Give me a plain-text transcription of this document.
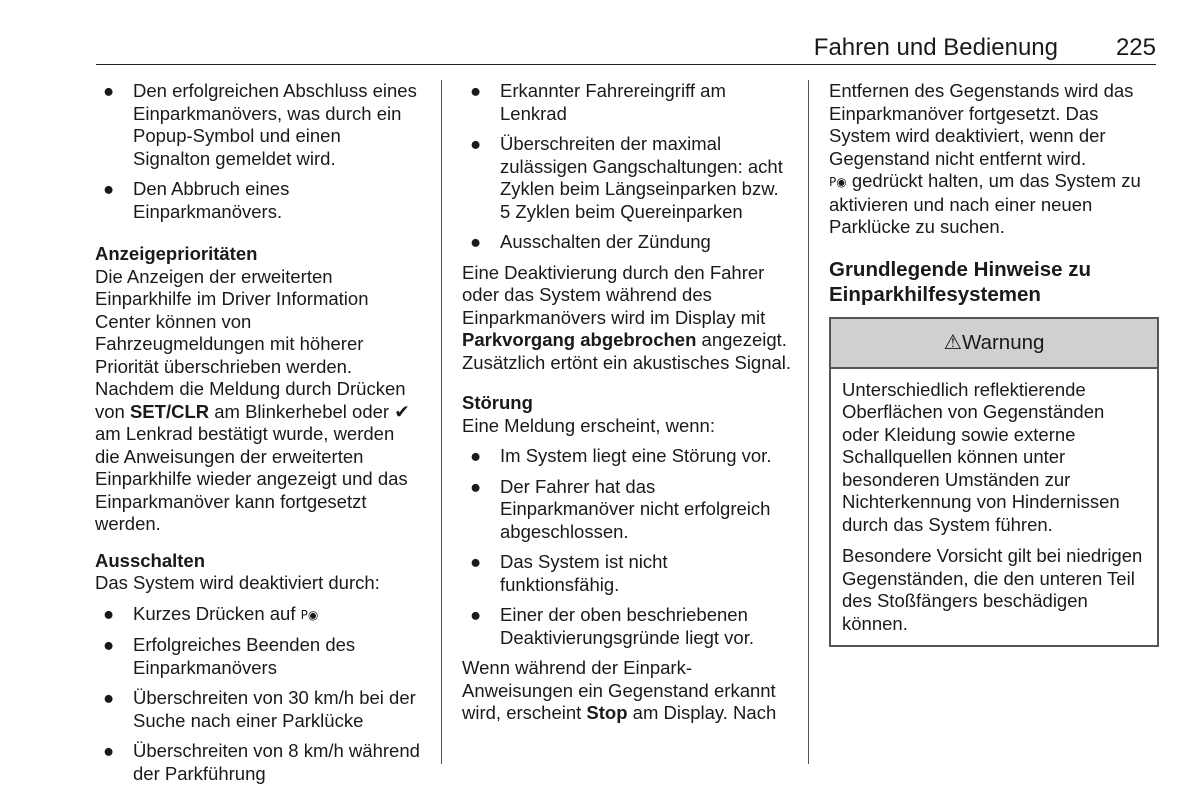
Fahren und Bedienung 225
● Den erfolgreichen Abschluss eines Einparkmanövers, was durch ein Popup-Symbol und einen Signalton gemeldet wird.
● Den Abbruch eines Einparkmanövers.

Anzeigeprioritäten

Die Anzeigen der erweiterten Einparkhilfe im Driver Information Center können von Fahrzeugmeldungen mit höherer Priorität überschrieben werden. Nachdem die Meldung durch Drücken von SET/CLR am Blinkerhebel oder ✔ am Lenkrad bestätigt wurde, werden die Anweisungen der erweiterten Einparkhilfe wieder angezeigt und das Einparkmanöver kann fortgesetzt werden.

Ausschalten

Das System wird deaktiviert durch:

● Kurzes Drücken auf P◉
● Erfolgreiches Beenden des Einparkmanövers
● Überschreiten von 30 km/h bei der Suche nach einer Parklücke
● Überschreiten von 8 km/h während der Parkführung
● Erkannter Fahrereingriff am Lenkrad
● Überschreiten der maximal zulässigen Gangschaltungen: acht Zyklen beim Längseinparken bzw. 5 Zyklen beim Quereinparken
● Ausschalten der Zündung

Eine Deaktivierung durch den Fahrer oder das System während des Einparkmanövers wird im Display mit Parkvorgang abgebrochen angezeigt. Zusätzlich ertönt ein akustisches Signal.

Störung

Eine Meldung erscheint, wenn:

● Im System liegt eine Störung vor.
● Der Fahrer hat das Einparkmanöver nicht erfolgreich abgeschlossen.
● Das System ist nicht funktionsfähig.
● Einer der oben beschriebenen Deaktivierungsgründe liegt vor.

Wenn während der Einpark-Anweisungen ein Gegenstand erkannt wird, erscheint Stop am Display. Nach

Entfernen des Gegenstands wird das Einparkmanöver fortgesetzt. Das System wird deaktiviert, wenn der Gegenstand nicht entfernt wird.

P◉ gedrückt halten, um das System zu aktivieren und nach einer neuen Parklücke zu suchen.

Grundlegende Hinweise zu Einparkhilfesystemen

⚠Warnung

Unterschiedlich reflektierende Oberflächen von Gegenständen oder Kleidung sowie externe Schallquellen können unter besonderen Umständen zur Nichterkennung von Hindernissen durch das System führen.

Besondere Vorsicht gilt bei niedrigen Gegenständen, die den unteren Teil des Stoßfängers beschädigen können.
